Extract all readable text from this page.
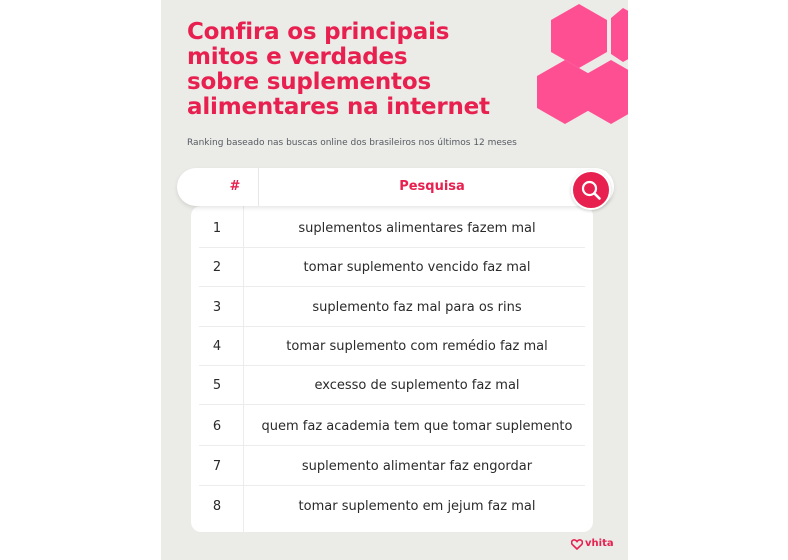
Confira os principais
mitos e verdades
sobre suplementos
alimentares na internet
Ranking baseado nas buscas online dos brasileiros nos últimos 12 meses
1	suplementos alimentares fazem mal
2	tomar suplemento vencido faz mal
3	suplemento faz mal para os rins
4	tomar suplemento com remédio faz mal
5	excesso de suplemento faz mal
6	quem faz academia tem que tomar suplemento
7	suplemento alimentar faz engordar
8	tomar suplemento em jejum faz mal
#	Pesquisa
vhita
